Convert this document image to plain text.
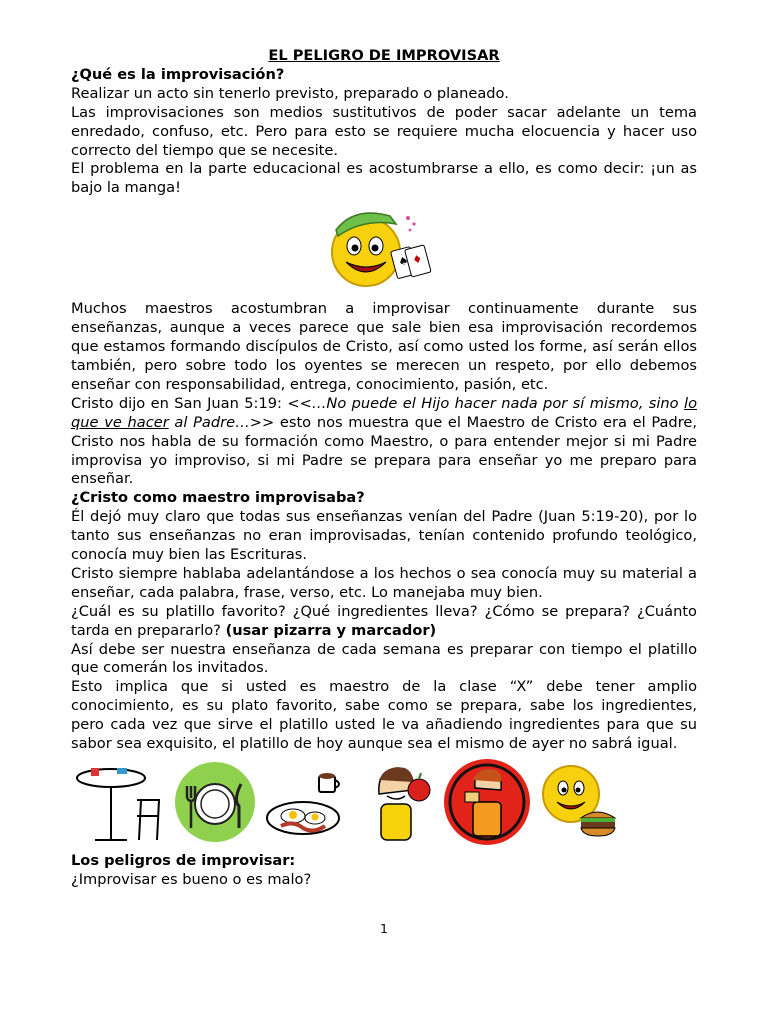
EL PELIGRO DE IMPROVISAR

¿Qué es la improvisación?

Realizar un acto sin tenerlo previsto, preparado o planeado.

Las improvisaciones son medios sustitutivos de poder sacar adelante un tema enredado, confuso, etc. Pero para esto se requiere mucha elocuencia y hacer uso correcto del tiempo que se necesite.

El problema en la parte educacional es acostumbrarse a ello, es como decir: ¡un as bajo la manga!

♠ ♦

Muchos maestros acostumbran a improvisar continuamente durante sus enseñanzas, aunque a veces parece que sale bien esa improvisación recordemos que estamos formando discípulos de Cristo, así como usted los forme, así serán ellos también, pero sobre todo los oyentes se merecen un respeto, por ello debemos enseñar con responsabilidad, entrega, conocimiento, pasión, etc.

Cristo dijo en San Juan 5:19: <<…No puede el Hijo hacer nada por sí mismo, sino lo que ve hacer al Padre…>> esto nos muestra que el Maestro de Cristo era el Padre, Cristo nos habla de su formación como Maestro, o para entender mejor si mi Padre improvisa yo improviso, si mi Padre se prepara para enseñar yo me preparo para enseñar.

¿Cristo como maestro improvisaba?

Él dejó muy claro que todas sus enseñanzas venían del Padre (Juan 5:19-20), por lo tanto sus enseñanzas no eran improvisadas, tenían contenido profundo teológico, conocía muy bien las Escrituras.

Cristo siempre hablaba adelantándose a los hechos o sea conocía muy su material a enseñar, cada palabra, frase, verso, etc. Lo manejaba muy bien.

¿Cuál es su platillo favorito? ¿Qué ingredientes lleva? ¿Cómo se prepara? ¿Cuánto tarda en prepararlo? (usar pizarra y marcador)

Así debe ser nuestra enseñanza de cada semana es preparar con tiempo el platillo que comerán los invitados.

Esto implica que si usted es maestro de la clase “X” debe tener amplio conocimiento, es su plato favorito, sabe como se prepara, sabe los ingredientes, pero cada vez que sirve el platillo usted le va añadiendo ingredientes para que su sabor sea exquisito, el platillo de hoy aunque sea el mismo de ayer no sabrá igual.

Los peligros de improvisar:

¿Improvisar es bueno o es malo?

1
